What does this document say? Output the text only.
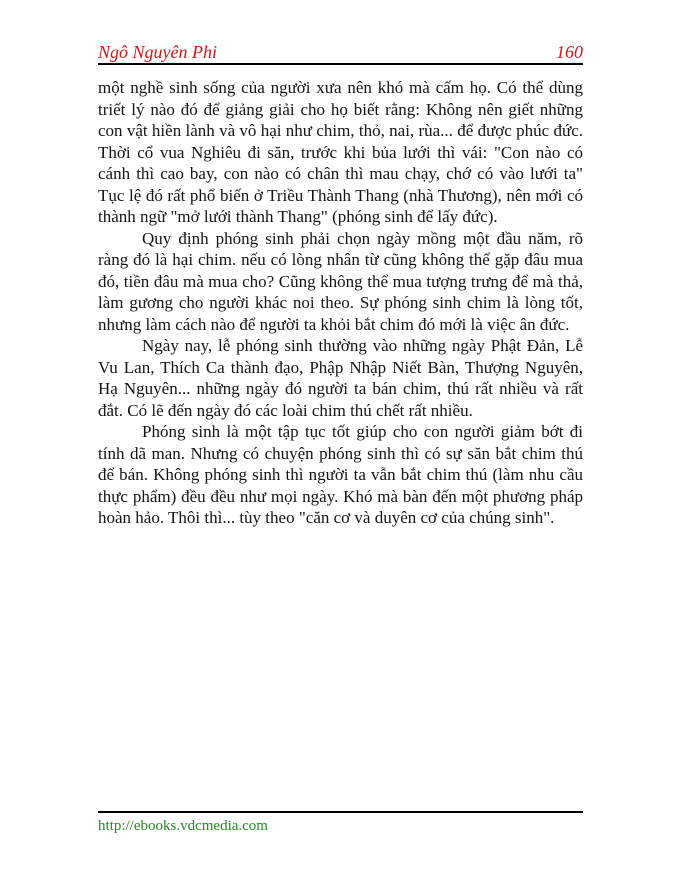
Ngô Nguyên Phi	160

một nghề sinh sống của người xưa nên khó mà cấm họ. Có thể dùng triết lý nào đó để giảng giải cho họ biết rằng: Không nên giết những con vật hiền lành và vô hại như chim, thỏ, nai, rùa... để được phúc đức. Thời cổ vua Nghiêu đi săn, trước khi bủa lưới thì vái: "Con nào có cánh thì cao bay, con nào có chân thì mau chạy, chớ có vào lưới ta" Tục lệ đó rất phổ biến ở Triều Thành Thang (nhà Thương), nên mới có thành ngữ "mở lưới thành Thang" (phóng sinh để lấy đức).

Quy định phóng sinh phải chọn ngày mồng một đầu năm, rõ ràng đó là hại chim. nếu có lòng nhân từ cũng không thể gặp đâu mua đó, tiền đâu mà mua cho? Cũng không thể mua tượng trưng để mà thả, làm gương cho người khác noi theo. Sự phóng sinh chim là lòng tốt, nhưng làm cách nào để người ta khỏi bắt chim đó mới là việc ân đức.

Ngày nay, lễ phóng sinh thường vào những ngày Phật Đản, Lễ Vu Lan, Thích Ca thành đạo, Phập Nhập Niết Bàn, Thượng Nguyên, Hạ Nguyên... những ngày đó người ta bán chim, thú rất nhiều và rất đắt. Có lẽ đến ngày đó các loài chim thú chết rất nhiều.

Phóng sinh là một tập tục tốt giúp cho con người giảm bớt đi tính dã man. Nhưng có chuyện phóng sinh thì có sự săn bắt chim thú để bán. Không phóng sinh thì người ta vẫn bắt chim thú (làm nhu cầu thực phẩm) đều đều như mọi ngày. Khó mà bàn đến một phương pháp hoàn hảo. Thôi thì... tùy theo "căn cơ và duyên cơ của chúng sinh".

http://ebooks.vdcmedia.com
